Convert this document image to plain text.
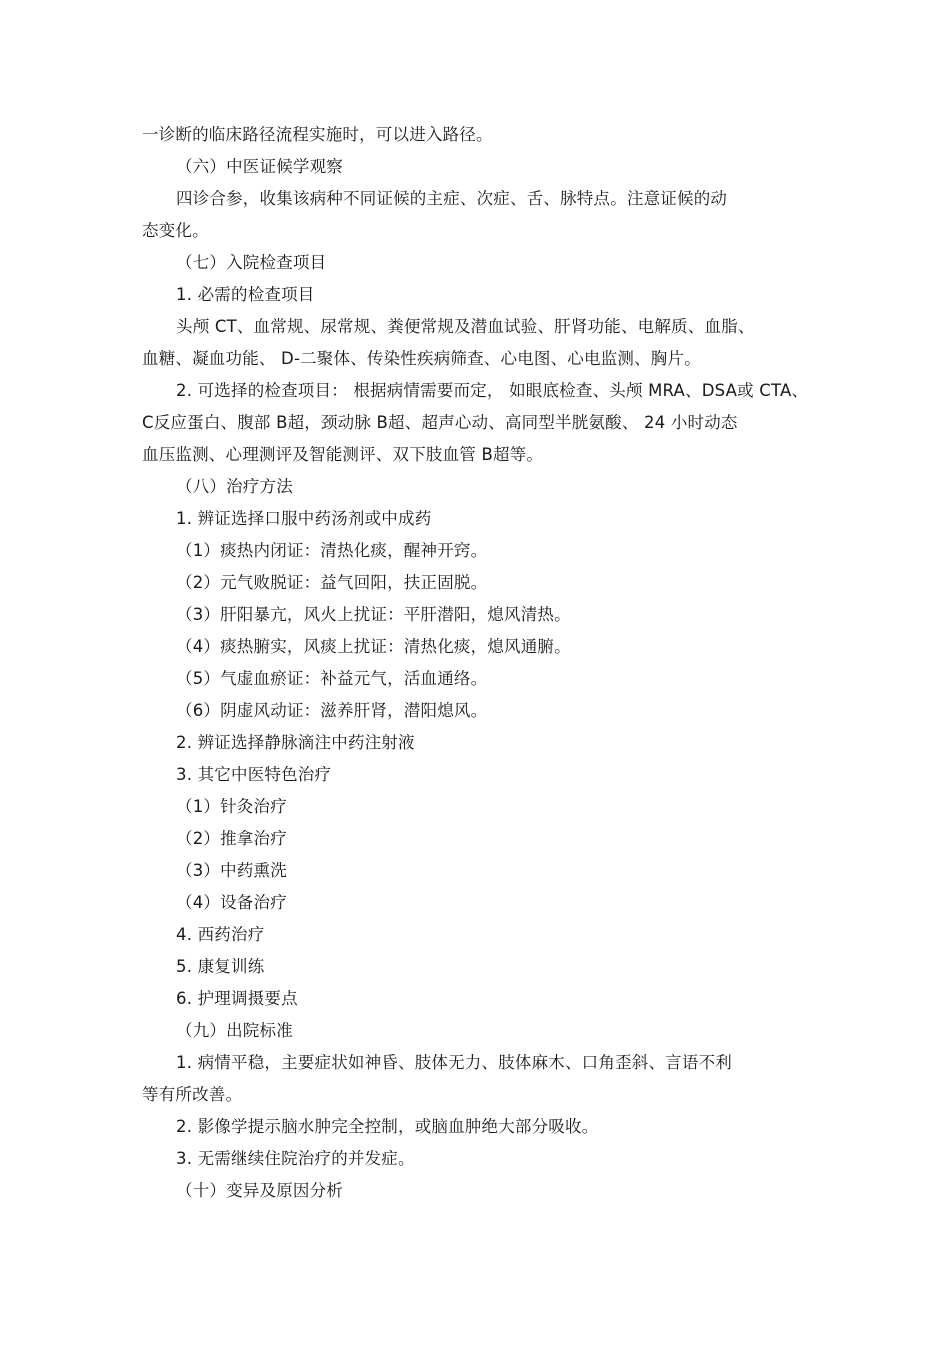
一诊断的临床路径流程实施时，可以进入路径。
（六）中医证候学观察
四诊合参，收集该病种不同证候的主症、次症、舌、脉特点。注意证候的动
态变化。
（七）入院检查项目
1. 必需的检查项目
头颅 CT、血常规、尿常规、粪便常规及潜血试验、肝肾功能、电解质、血脂、
血糖、凝血功能、 D-二聚体、传染性疾病筛查、心电图、心电监测、胸片。
2. 可选择的检查项目： 根据病情需要而定， 如眼底检查、头颅 MRA、DSA或 CTA、
C反应蛋白、腹部 B超，颈动脉 B超、超声心动、高同型半胱氨酸、 24 小时动态
血压监测、心理测评及智能测评、双下肢血管 B超等。
（八）治疗方法
1. 辨证选择口服中药汤剂或中成药
（1）痰热内闭证：清热化痰，醒神开窍。
（2）元气败脱证：益气回阳，扶正固脱。
（3）肝阳暴亢，风火上扰证：平肝潜阳，熄风清热。
（4）痰热腑实，风痰上扰证：清热化痰，熄风通腑。
（5）气虚血瘀证：补益元气，活血通络。
（6）阴虚风动证：滋养肝肾，潜阳熄风。
2. 辨证选择静脉滴注中药注射液
3. 其它中医特色治疗
（1）针灸治疗
（2）推拿治疗
（3）中药熏洗
（4）设备治疗
4. 西药治疗
5. 康复训练
6. 护理调摄要点
（九）出院标准
1. 病情平稳，主要症状如神昏、肢体无力、肢体麻木、口角歪斜、言语不利
等有所改善。
2. 影像学提示脑水肿完全控制，或脑血肿绝大部分吸收。
3. 无需继续住院治疗的并发症。
（十）变异及原因分析
